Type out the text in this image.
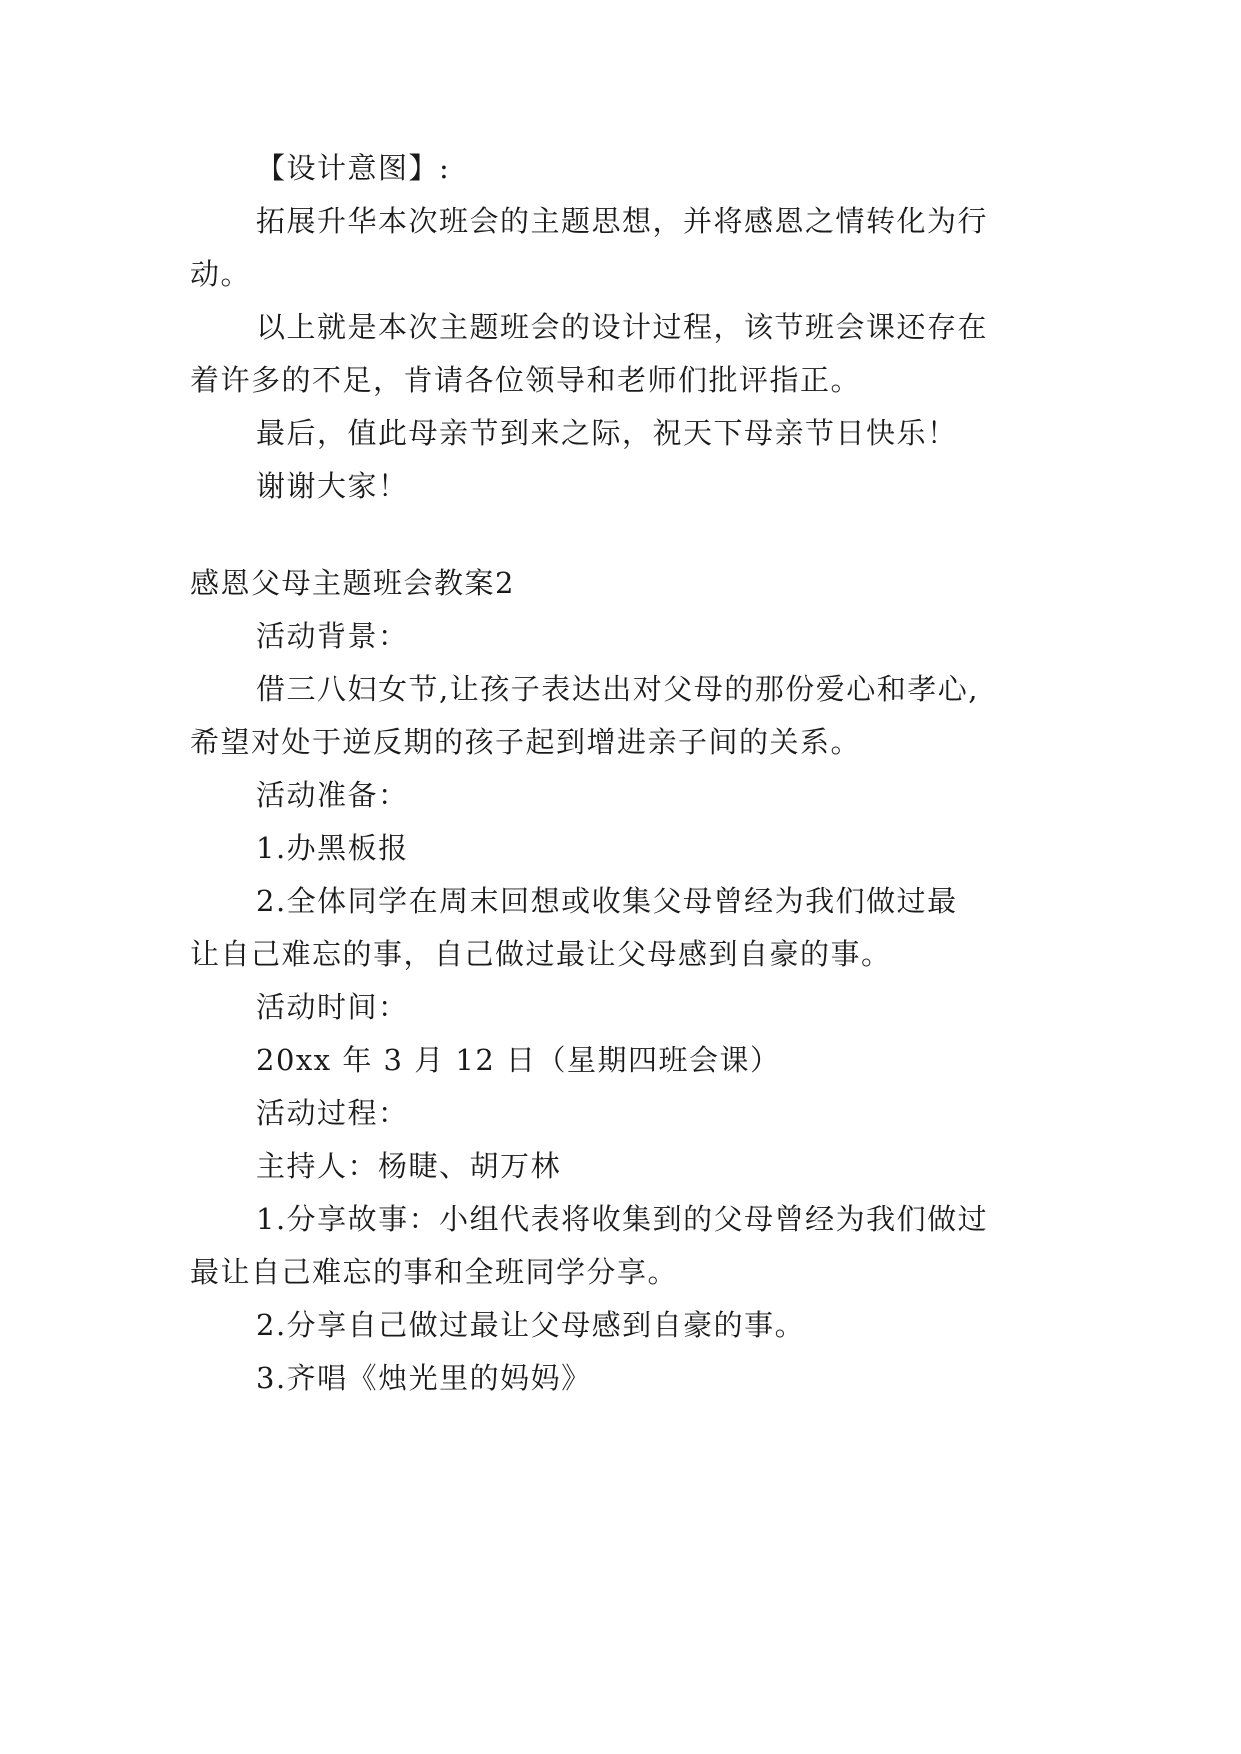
【设计意图】:
拓展升华本次班会的主题思想，并将感恩之情转化为行
动。
以上就是本次主题班会的设计过程，该节班会课还存在
着许多的不足，肯请各位领导和老师们批评指正。
最后，值此母亲节到来之际，祝天下母亲节日快乐！
谢谢大家！
感恩父母主题班会教案2
活动背景：
借三八妇女节,让孩子表达出对父母的那份爱心和孝心,
希望对处于逆反期的孩子起到增进亲子间的关系。
活动准备：
1.办黑板报
2.全体同学在周末回想或收集父母曾经为我们做过最
让自己难忘的事，自己做过最让父母感到自豪的事。
活动时间：
20xx 年 3 月 12 日（星期四班会课）
活动过程：
主持人：杨睫、胡万林
1.分享故事：小组代表将收集到的父母曾经为我们做过
最让自己难忘的事和全班同学分享。
2.分享自己做过最让父母感到自豪的事。
3.齐唱《烛光里的妈妈》
